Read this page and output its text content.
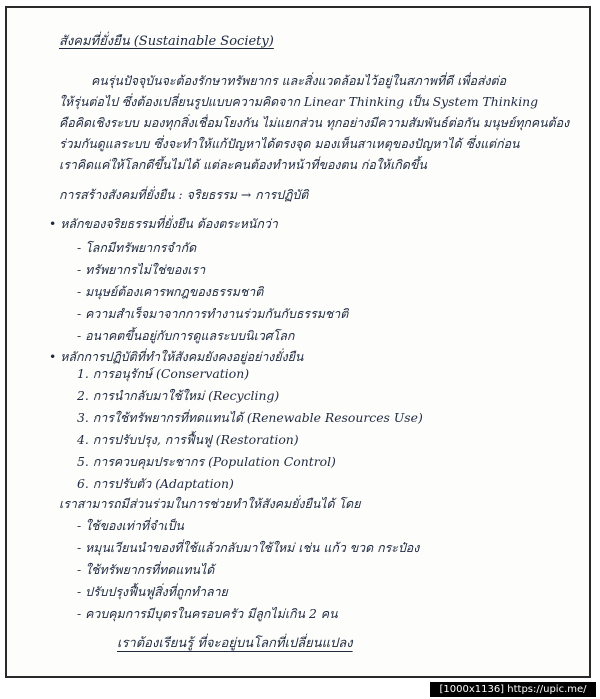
สังคมที่ยั่งยืน (Sustainable Society)
คนรุ่นปัจจุบันจะต้องรักษาทรัพยากร และสิ่งแวดล้อมไว้อยู่ในสภาพที่ดี เพื่อส่งต่อ
ให้รุ่นต่อไป ซึ่งต้องเปลี่ยนรูปแบบความคิดจาก Linear Thinking เป็น System Thinking
คือคิดเชิงระบบ มองทุกสิ่งเชื่อมโยงกัน ไม่แยกส่วน ทุกอย่างมีความสัมพันธ์ต่อกัน มนุษย์ทุกคนต้อง
ร่วมกันดูแลระบบ ซึ่งจะทำให้แก้ปัญหาได้ตรงจุด มองเห็นสาเหตุของปัญหาได้ ซึ่งแต่ก่อน
เราคิดแค่ให้โลกดีขึ้นไม่ได้ แต่ละคนต้องทำหน้าที่ของตน ก่อให้เกิดขึ้น
การสร้างสังคมที่ยั่งยืน : จริยธรรม → การปฏิบัติ
• หลักของจริยธรรมที่ยั่งยืน ต้องตระหนักว่า
- โลกมีทรัพยากรจำกัด
- ทรัพยากรไม่ใช่ของเรา
- มนุษย์ต้องเคารพกฎของธรรมชาติ
- ความสำเร็จมาจากการทำงานร่วมกันกับธรรมชาติ
- อนาคตขึ้นอยู่กับการดูแลระบบนิเวศโลก
• หลักการปฏิบัติที่ทำให้สังคมยังคงอยู่อย่างยั่งยืน
1. การอนุรักษ์ (Conservation)
2. การนำกลับมาใช้ใหม่ (Recycling)
3. การใช้ทรัพยากรที่ทดแทนได้ (Renewable Resources Use)
4. การปรับปรุง, การฟื้นฟู (Restoration)
5. การควบคุมประชากร (Population Control)
6. การปรับตัว (Adaptation)
เราสามารถมีส่วนร่วมในการช่วยทำให้สังคมยั่งยืนได้ โดย
- ใช้ของเท่าที่จำเป็น
- หมุนเวียนนำของที่ใช้แล้วกลับมาใช้ใหม่ เช่น แก้ว ขวด กระป๋อง
- ใช้ทรัพยากรที่ทดแทนได้
- ปรับปรุงฟื้นฟูสิ่งที่ถูกทำลาย
- ควบคุมการมีบุตรในครอบครัว มีลูกไม่เกิน 2 คน
เราต้องเรียนรู้ ที่จะอยู่บนโลกที่เปลี่ยนแปลง
[1000x1136] https://upic.me/
